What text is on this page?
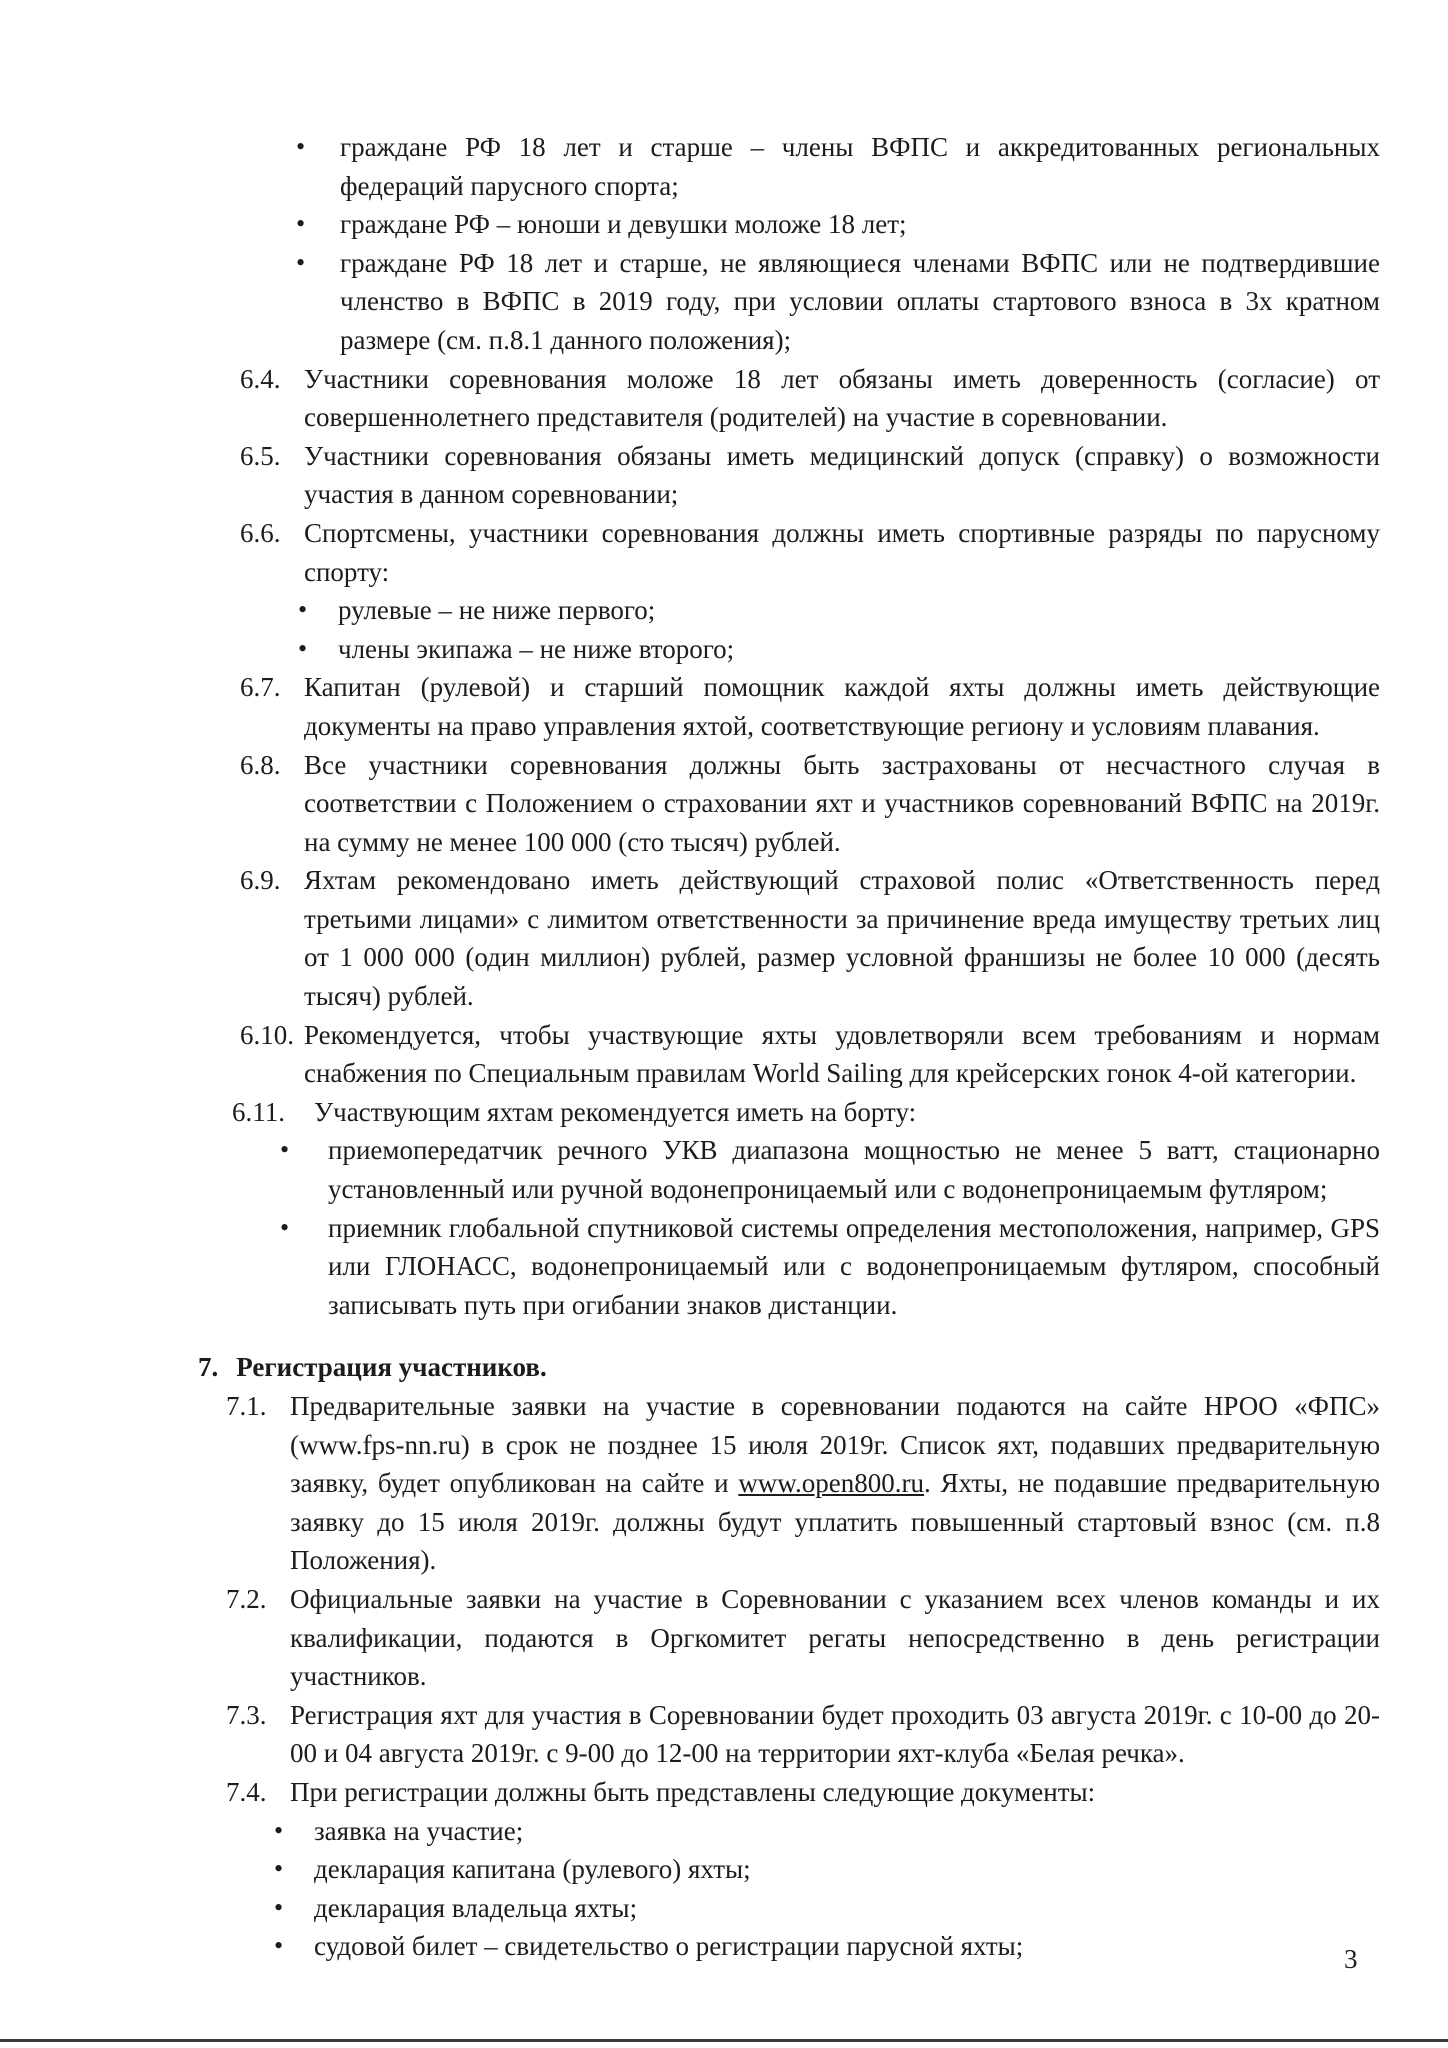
• граждане РФ 18 лет и старше – члены ВФПС и аккредитованных региональных федераций парусного спорта;
• граждане РФ – юноши и девушки моложе 18 лет;
• граждане РФ 18 лет и старше, не являющиеся членами ВФПС или не подтвердившие членство в ВФПС в 2019 году, при условии оплаты стартового взноса в 3х кратном размере (см. п.8.1 данного положения);
6.4. Участники соревнования моложе 18 лет обязаны иметь доверенность (согласие) от совершеннолетнего представителя (родителей) на участие в соревновании.
6.5. Участники соревнования обязаны иметь медицинский допуск (справку) о возможности участия в данном соревновании;
6.6. Спортсмены, участники соревнования должны иметь спортивные разряды по парусному спорту:
• рулевые – не ниже первого;
• члены экипажа – не ниже второго;
6.7. Капитан (рулевой) и старший помощник каждой яхты должны иметь действующие документы на право управления яхтой, соответствующие региону и условиям плавания.
6.8. Все участники соревнования должны быть застрахованы от несчастного случая в соответствии с Положением о страховании яхт и участников соревнований ВФПС на 2019г. на сумму не менее 100 000 (сто тысяч) рублей.
6.9. Яхтам рекомендовано иметь действующий страховой полис «Ответственность перед третьими лицами» с лимитом ответственности за причинение вреда имуществу третьих лиц от 1 000 000 (один миллион) рублей, размер условной франшизы не более 10 000 (десять тысяч) рублей.
6.10. Рекомендуется, чтобы участвующие яхты удовлетворяли всем требованиям и нормам снабжения по Специальным правилам World Sailing для крейсерских гонок 4-ой категории.
6.11.	Участвующим яхтам рекомендуется иметь на борту:
• приемопередатчик речного УКВ диапазона мощностью не менее 5 ватт, стационарно установленный или ручной водонепроницаемый или с водонепроницаемым футляром;
• приемник глобальной спутниковой системы определения местоположения, например, GPS или ГЛОНАСС, водонепроницаемый или с водонепроницаемым футляром, способный записывать путь при огибании знаков дистанции.
7. Регистрация участников.
7.1. Предварительные заявки на участие в соревновании подаются на сайте НРОО «ФПС» (www.fps-nn.ru) в срок не позднее 15 июля 2019г. Список яхт, подавших предварительную заявку, будет опубликован на сайте и www.open800.ru. Яхты, не подавшие предварительную заявку до 15 июля 2019г. должны будут уплатить повышенный стартовый взнос (см. п.8 Положения).
7.2. Официальные заявки на участие в Соревновании с указанием всех членов команды и их квалификации, подаются в Оргкомитет регаты непосредственно в день регистрации участников.
7.3. Регистрация яхт для участия в Соревновании будет проходить 03 августа 2019г. с 10-00 до 20-00 и 04 августа 2019г. с 9-00 до 12-00 на территории яхт-клуба «Белая речка».
7.4. При регистрации должны быть представлены следующие документы:
• заявка на участие;
• декларация капитана (рулевого) яхты;
• декларация владельца яхты;
• судовой билет – свидетельство о регистрации парусной яхты;	3
